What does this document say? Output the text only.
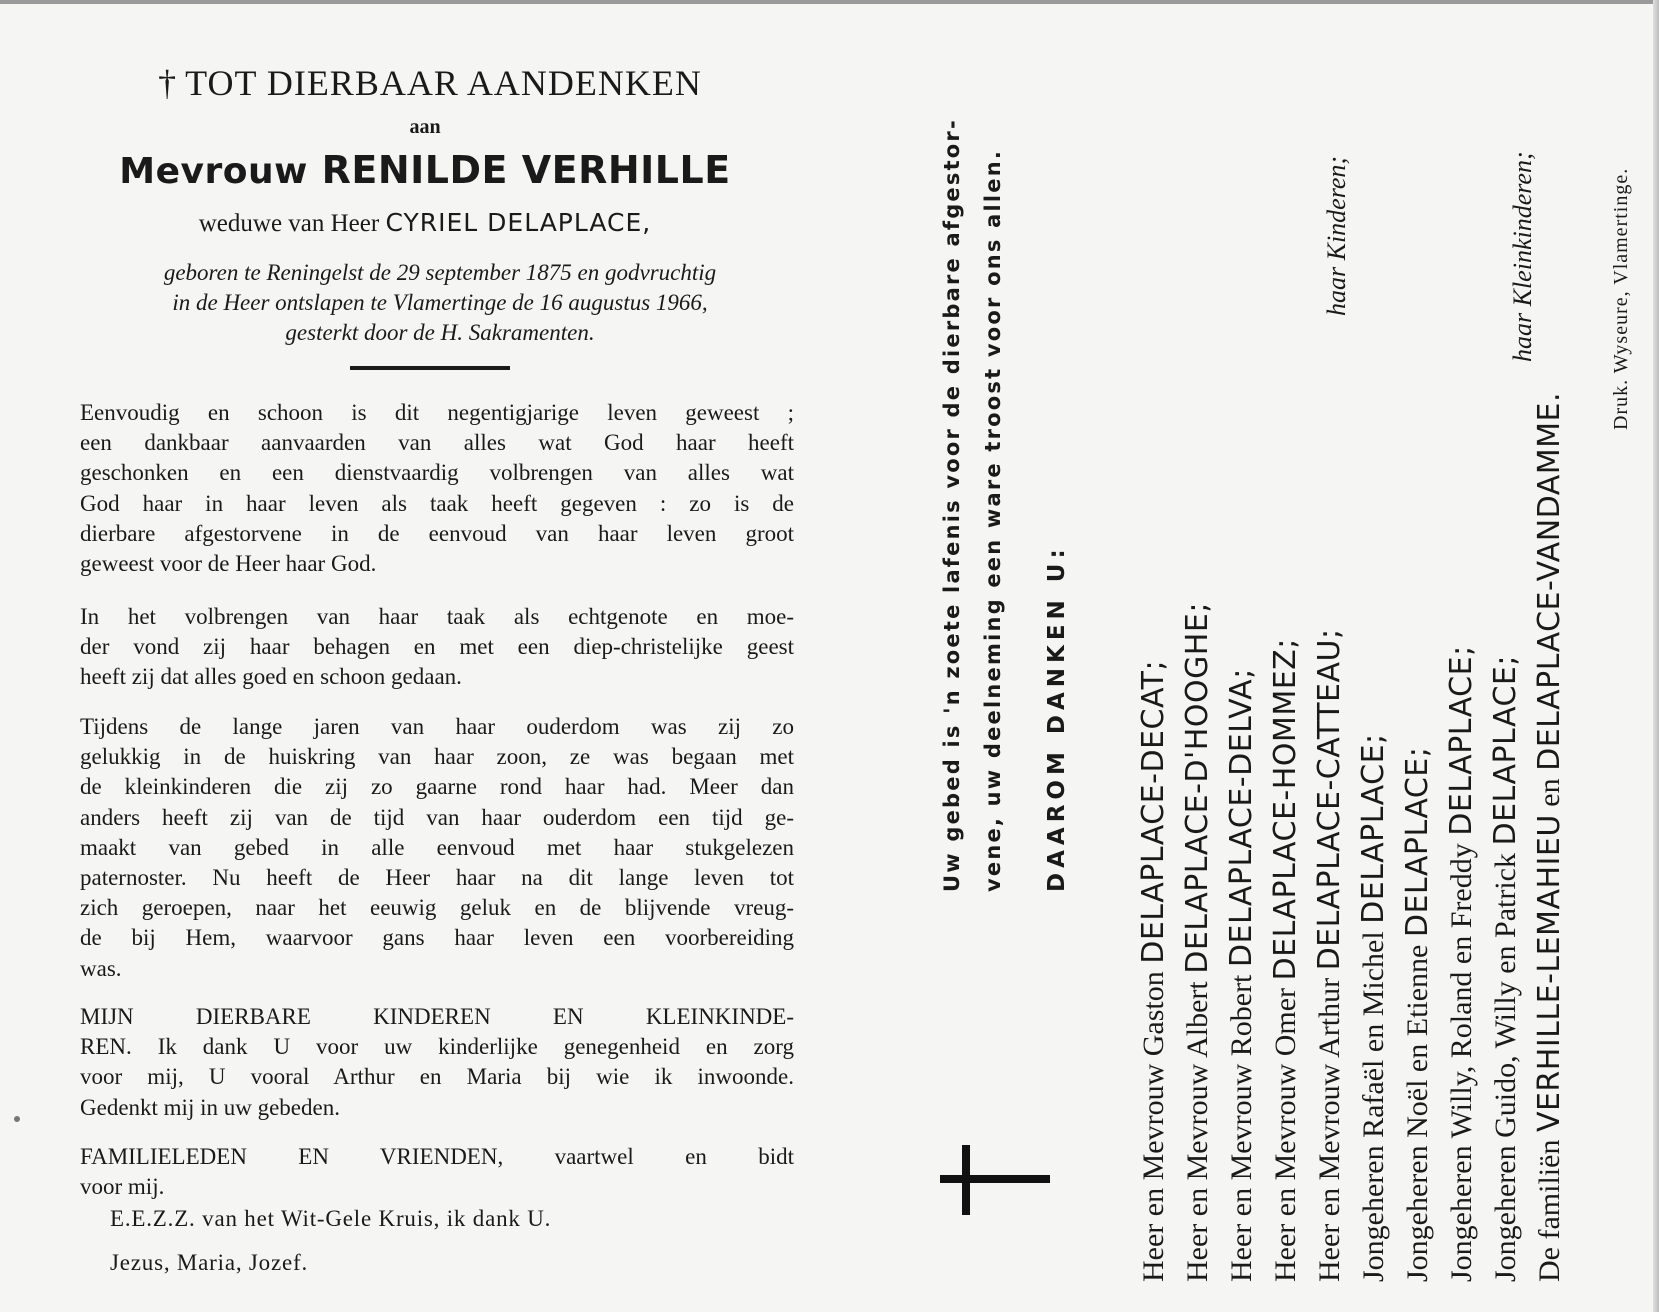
† TOT DIERBAAR AANDENKEN
aan
Mevrouw RENILDE VERHILLE
weduwe van Heer CYRIEL DELAPLACE,
geboren te Reningelst de 29 september 1875 en godvruchtig
in de Heer ontslapen te Vlamertinge de 16 augustus 1966,
gesterkt door de H. Sakramenten.
Eenvoudig en schoon is dit negentigjarige leven geweest ;
een dankbaar aanvaarden van alles wat God haar heeft
geschonken en een dienstvaardig volbrengen van alles wat
God haar in haar leven als taak heeft gegeven : zo is de
dierbare afgestorvene in de eenvoud van haar leven groot
geweest voor de Heer haar God.
In het volbrengen van haar taak als echtgenote en moe-
der vond zij haar behagen en met een diep-christelijke geest
heeft zij dat alles goed en schoon gedaan.
Tijdens de lange jaren van haar ouderdom was zij zo
gelukkig in de huiskring van haar zoon, ze was begaan met
de kleinkinderen die zij zo gaarne rond haar had. Meer dan
anders heeft zij van de tijd van haar ouderdom een tijd ge-
maakt van gebed in alle eenvoud met haar stukgelezen
paternoster. Nu heeft de Heer haar na dit lange leven tot
zich geroepen, naar het eeuwig geluk en de blijvende vreug-
de bij Hem, waarvoor gans haar leven een voorbereiding
was.
MIJN DIERBARE KINDEREN EN KLEINKINDE-
REN. Ik dank U voor uw kinderlijke genegenheid en zorg
voor mij, U vooral Arthur en Maria bij wie ik inwoonde.
Gedenkt mij in uw gebeden.
FAMILIELEDEN EN VRIENDEN, vaartwel en bidt
voor mij.
E.E.Z.Z. van het Wit-Gele Kruis, ik dank U.
Jezus, Maria, Jozef.
Uw gebed is 'n zoete lafenis voor de dierbare afgestor- vene, uw deelneming een ware troost voor ons allen. DAAROM DANKEN U:
Heer en Mevrouw Gaston DELAPLACE-DECAT;
Heer en Mevrouw Albert DELAPLACE-D'HOOGHE;
Heer en Mevrouw Robert DELAPLACE-DELVA;
Heer en Mevrouw Omer DELAPLACE-HOMMEZ;
Heer en Mevrouw Arthur DELAPLACE-CATTEAU;
haar Kinderen;
Jongeheren Rafaël en Michel DELAPLACE;
Jongeheren Noël en Etienne DELAPLACE;
Jongeheren Willy, Roland en Freddy DELAPLACE;
Jongeheren Guido, Willy en Patrick DELAPLACE;
haar Kleinkinderen;
De familiën VERHILLE-LEMAHIEU en DELAPLACE-VANDAMME.
Druk. Wyseure, Vlamertinge.
